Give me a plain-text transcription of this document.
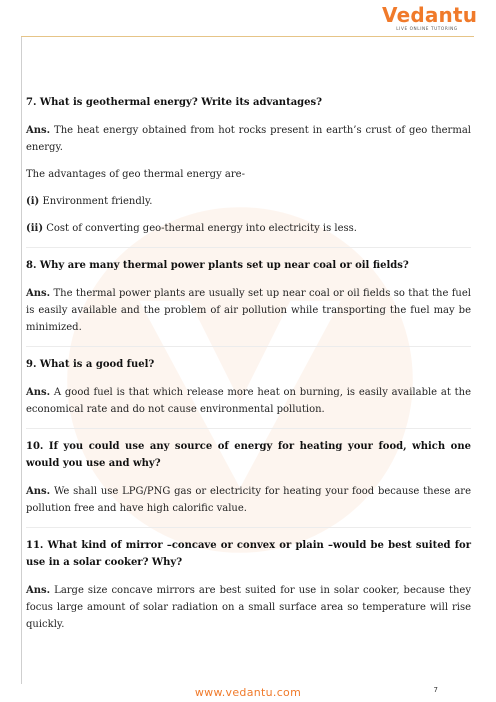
Vedantu
LIVE ONLINE TUTORING

7. What is geothermal energy? Write its advantages?

Ans. The heat energy obtained from hot rocks present in earth’s crust of geo thermal energy.

The advantages of geo thermal energy are-

(i) Environment friendly.

(ii) Cost of converting geo-thermal energy into electricity is less.

8. Why are many thermal power plants set up near coal or oil fields?

Ans. The thermal power plants are usually set up near coal or oil fields so that the fuel is easily available and the problem of air pollution while transporting the fuel may be minimized.

9. What is a good fuel?

Ans. A good fuel is that which release more heat on burning, is easily available at the economical rate and do not cause environmental pollution.

10. If you could use any source of energy for heating your food, which one would you use and why?

Ans. We shall use LPG/PNG gas or electricity for heating your food because these are pollution free and have high calorific value.

11. What kind of mirror –concave or convex or plain –would be best suited for use in a solar cooker? Why?

Ans. Large size concave mirrors are best suited for use in solar cooker, because they focus large amount of solar radiation on a small surface area so temperature will rise quickly.

www.vedantu.com	7
